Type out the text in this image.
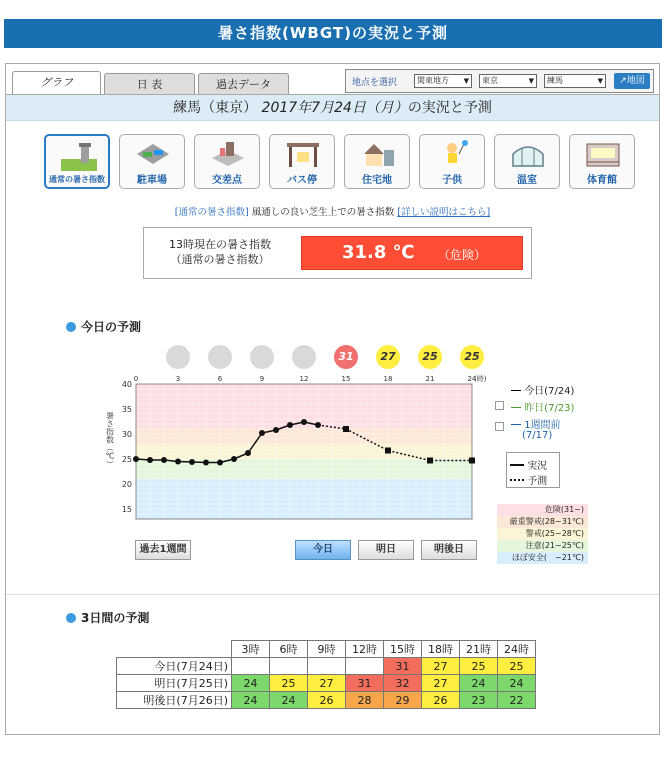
暑さ指数(WBGT)の実況と予測
グラフ	日 表	過去データ	地点を選択	関東地方 ▼	東京	▼	練馬	▼	↗地図
練馬（東京） 2017年7月24日（月）の実況と予測
通常の暑さ指数	駐車場	交差点	バス停	住宅地	子供	温室	体育館
[通常の暑さ指数] 風通しの良い芝生上での暑さ指数 [詳しい説明はこちら]
13時現在の暑さ指数
（通常の暑さ指数）	31.8 ℃ （危険）
今日の予測
31	27	25	25
15
20
25
30
35
40
0	3	6	9	12	15	18	21	24
(時)
暑さ指数（℃）
今日(7/24)
昨日(7/23)
1週間前
(7/17)
実況
予測
危険(31~)
厳重警戒(28~31℃)
警戒(25~28℃)
注意(21~25℃)
ほぼ安全(　~21℃)
過去1週間	今日	明日	明後日
3日間の予測
	3時	6時	9時	12時	15時	18時	21時	24時
今日(7月24日)					31	27	25	25
明日(7月25日)	24	25	27	31	32	27	24	24
明後日(7月26日)	24	24	26	28	29	26	23	22
